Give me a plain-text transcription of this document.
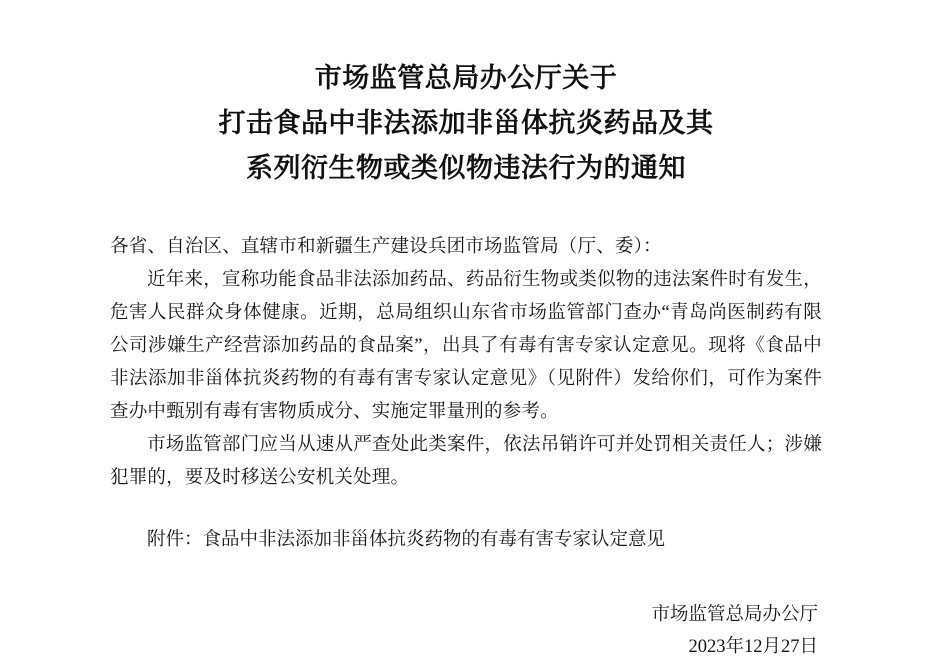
市场监管总局办公厅关于
打击食品中非法添加非甾体抗炎药品及其
系列衍生物或类似物违法行为的通知

各省、自治区、直辖市和新疆生产建设兵团市场监管局（厅、委）：

近年来，宣称功能食品非法添加药品、药品衍生物或类似物的违法案件时有发生，危害人民群众身体健康。近期，总局组织山东省市场监管部门查办“青岛尚医制药有限公司涉嫌生产经营添加药品的食品案”，出具了有毒有害专家认定意见。现将《食品中非法添加非甾体抗炎药物的有毒有害专家认定意见》（见附件）发给你们，可作为案件查办中甄别有毒有害物质成分、实施定罪量刑的参考。

市场监管部门应当从速从严查处此类案件，依法吊销许可并处罚相关责任人；涉嫌犯罪的，要及时移送公安机关处理。

附件：食品中非法添加非甾体抗炎药物的有毒有害专家认定意见

市场监管总局办公厅
2023年12月27日
